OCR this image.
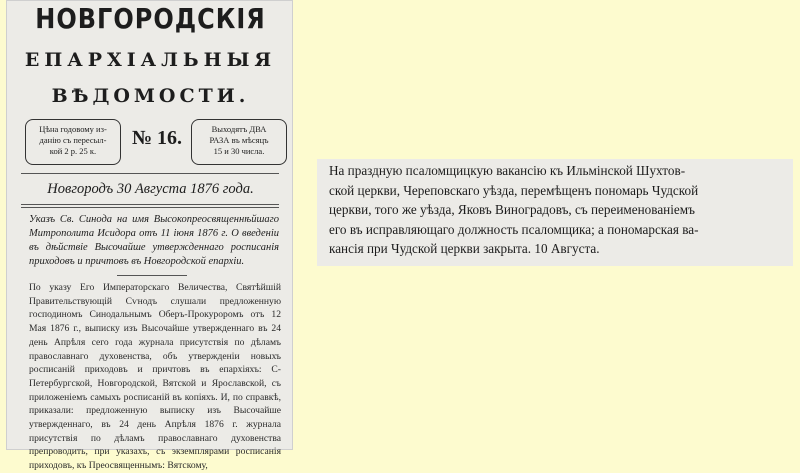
НОВГОРОДСКІЯ
ЕПАРХІАЛЬНЫЯ
ВѢДОМОСТИ.
Цѣна годовому из-
данію съ пересыл-
кой 2 р. 25 к.
№ 16.	Выходятъ ДВА
РАЗА въ мѣсяцъ
15 и 30 числа.
Новгородъ 30 Августа 1876 года.
Указъ Св. Синода на имя Высокопреосвященнѣйшаго Митрополита Исидора отъ 11 іюня 1876 г. О введеніи въ дѣйствіе Высочайше утвержденнаго росписанія приходовъ и причтовъ въ Новгородской епархіи.
По указу Его Императорскаго Величества, Святѣйшій Правительствующій Сѵнодъ слушали предложенную господиномъ Синодальнымъ Оберъ-Прокуроромъ отъ 12 Мая 1876 г., выписку изъ Высочайше утвержденнаго въ 24 день Апрѣля сего года журнала присутствія по дѣламъ православнаго духовенства, объ утвержденіи новыхъ росписаній приходовъ и причтовъ въ епархіяхъ: С-Петербургской, Новгородской, Вятской и Ярославской, съ приложеніемъ самыхъ росписаній въ копіяхъ. И, по справкѣ, приказали: предложенную выписку изъ Высочайше утвержденнаго, въ 24 день Апрѣля 1876 г. журнала присутствія по дѣламъ православнаго духовенства препроводить, при указахъ, съ экземплярами росписанія приходовъ, къ Преосвященнымъ: Вятскому,
На праздную псаломщицкую вакансію къ Ильмінской Шухтов-
ской церкви, Череповскаго уѣзда, перемѣщенъ пономарь Чудской
церкви, того же уѣзда, Яковъ Виноградовъ, съ переименованіемъ
его въ исправляющаго должность псаломщика; а пономарская ва-
кансія при Чудской церкви закрыта. 10 Августа.
